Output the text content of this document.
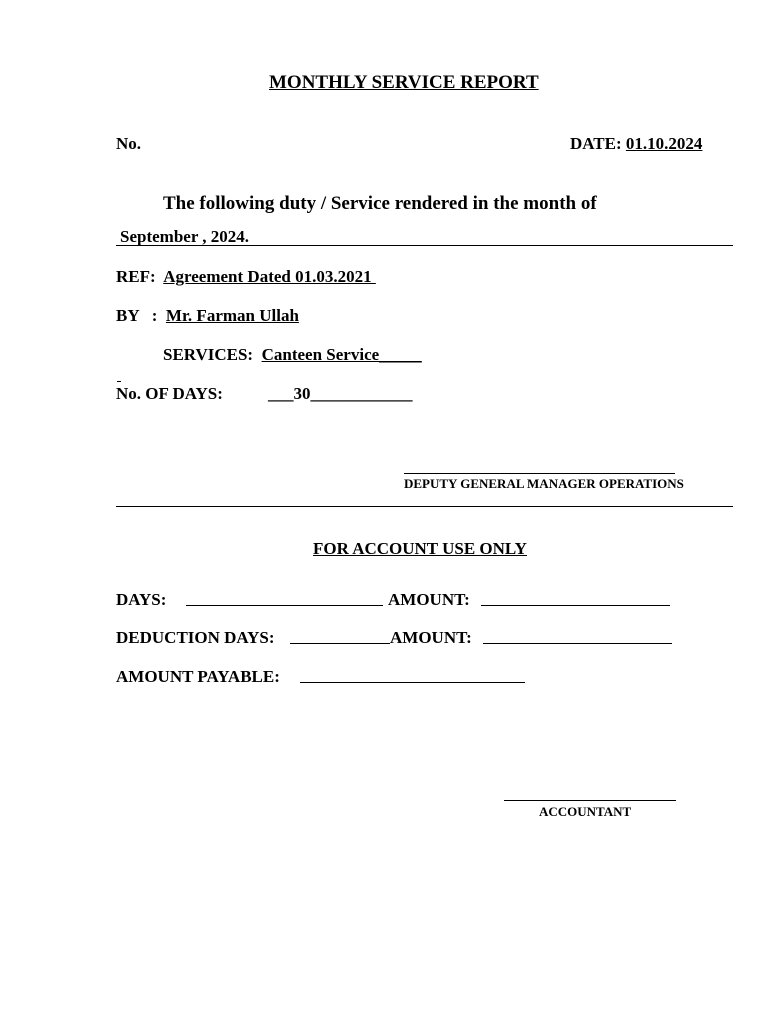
MONTHLY SERVICE REPORT
No.	DATE: 01.10.2024
The following duty / Service rendered in the month of
September , 2024.
REF: Agreement Dated 01.03.2021
BY   : Mr. Farman Ullah
SERVICES: Canteen Service_____
No. OF DAYS:	___30____________
DEPUTY GENERAL MANAGER OPERATIONS
FOR ACCOUNT USE ONLY
DAYS:	AMOUNT:
DEDUCTION DAYS:	AMOUNT:
AMOUNT PAYABLE:
ACCOUNTANT
